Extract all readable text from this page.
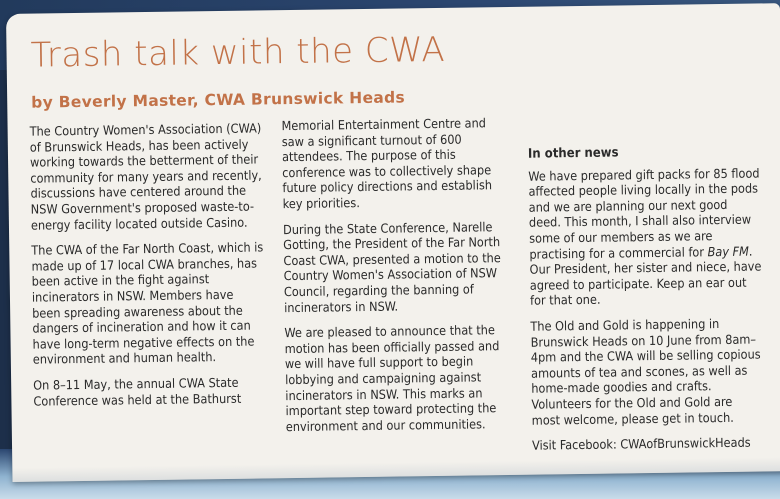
Trash talk with the CWA
by Beverly Master, CWA Brunswick Heads

The Country Women's Association (CWA) of Brunswick Heads, has been actively working towards the betterment of their community for many years and recently, discussions have centered around the NSW Government's proposed waste-to-energy facility located outside Casino.

The CWA of the Far North Coast, which is made up of 17 local CWA branches, has been active in the fight against incinerators in NSW. Members have been spreading awareness about the dangers of incineration and how it can have long-term negative effects on the environment and human health.

On 8–11 May, the annual CWA State Conference was held at the Bathurst

Memorial Entertainment Centre and saw a significant turnout of 600 attendees. The purpose of this conference was to collectively shape future policy directions and establish key priorities.

During the State Conference, Narelle Gotting, the President of the Far North Coast CWA, presented a motion to the Country Women's Association of NSW Council, regarding the banning of incinerators in NSW.

We are pleased to announce that the motion has been officially passed and we will have full support to begin lobbying and campaigning against incinerators in NSW. This marks an important step toward protecting the environment and our communities.

In other news

We have prepared gift packs for 85 flood affected people living locally in the pods and we are planning our next good deed. This month, I shall also interview some of our members as we are practising for a commercial for Bay FM. Our President, her sister and niece, have agreed to participate. Keep an ear out for that one.

The Old and Gold is happening in Brunswick Heads on 10 June from 8am–4pm and the CWA will be selling copious amounts of tea and scones, as well as home-made goodies and crafts. Volunteers for the Old and Gold are most welcome, please get in touch.

Visit Facebook: CWAofBrunswickHeads
